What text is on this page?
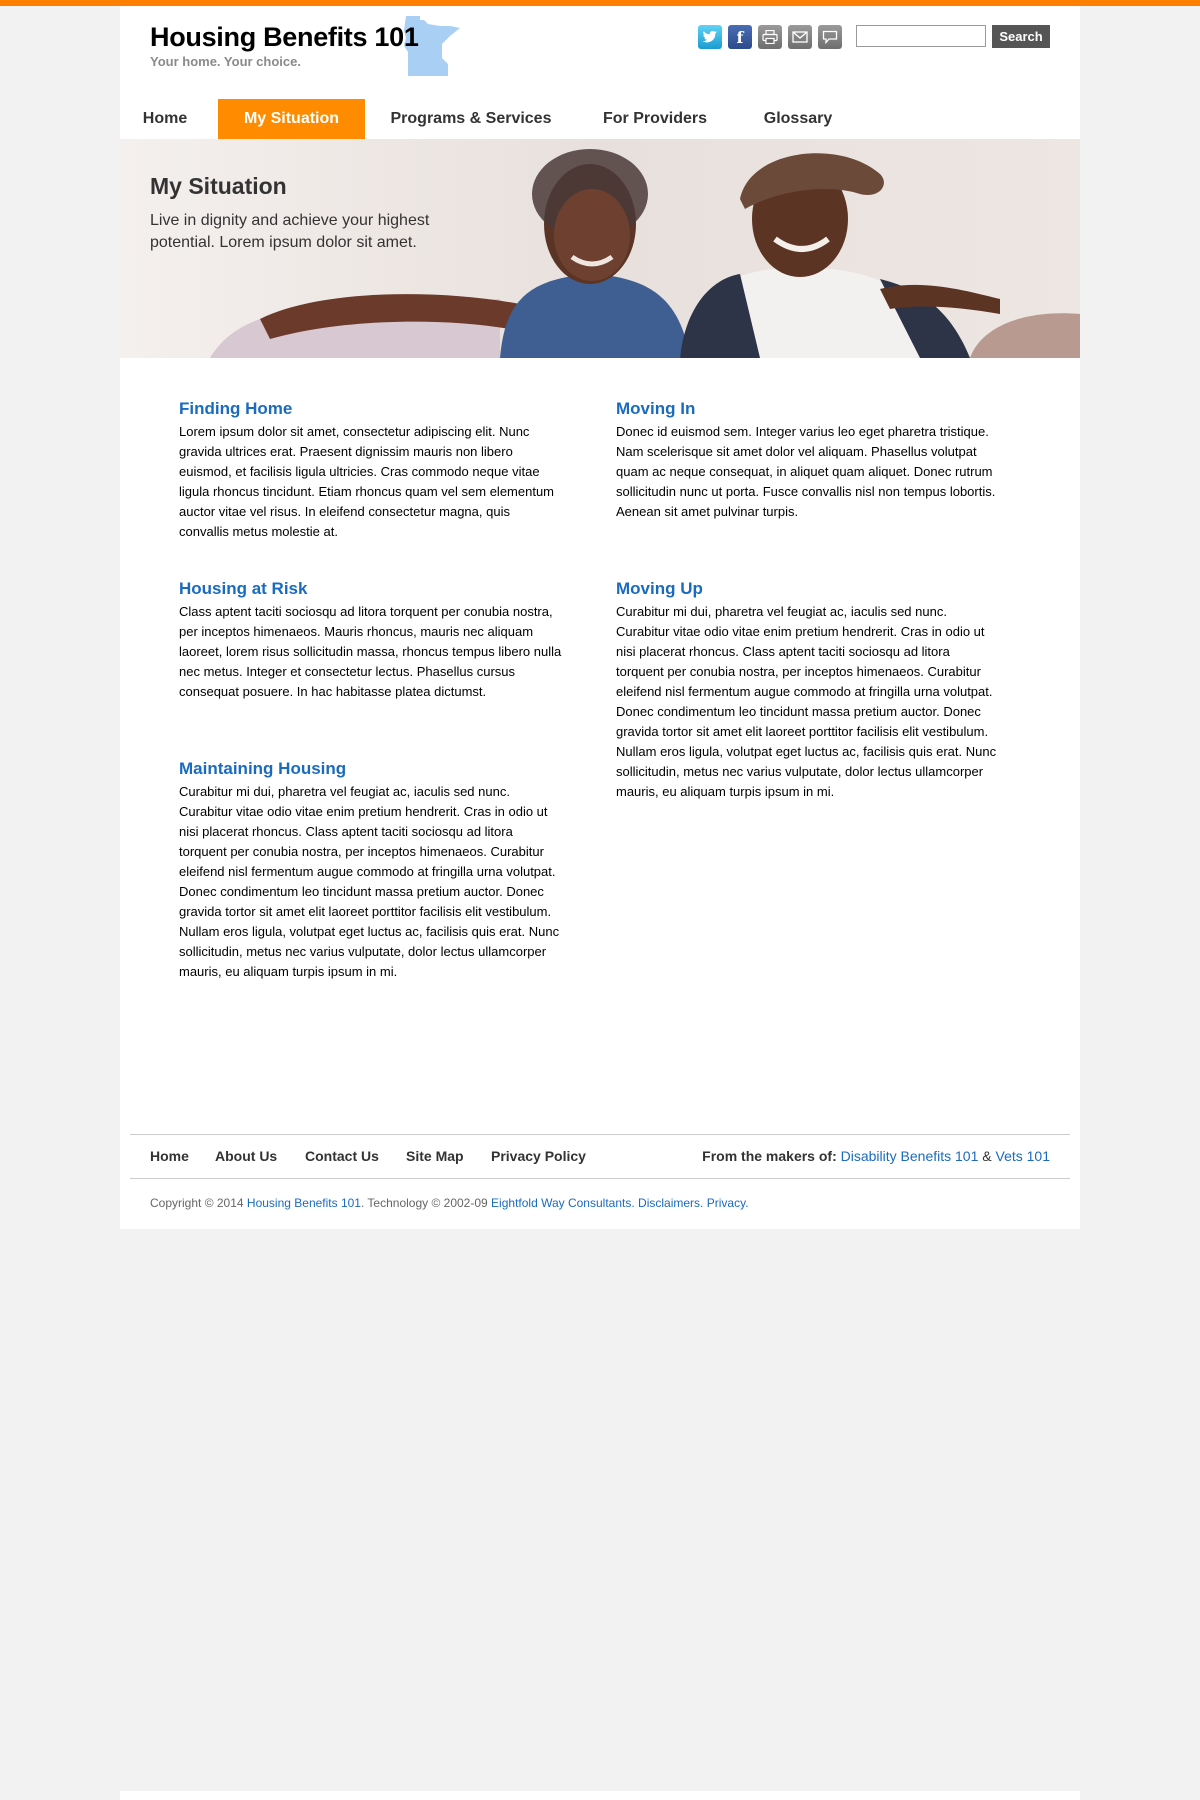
Housing Benefits 101
Your home. Your choice.
f	Search
Home	My Situation	Programs & Services	For Providers	Glossary
My Situation

Live in dignity and achieve your highest potential. Lorem ipsum dolor sit amet.

Finding Home

Lorem ipsum dolor sit amet, consectetur adipiscing elit. Nunc gravida ultrices erat. Praesent dignissim mauris non libero euismod, et facilisis ligula ultricies. Cras commodo neque vitae ligula rhoncus tincidunt. Etiam rhoncus quam vel sem elementum auctor vitae vel risus. In eleifend consectetur magna, quis convallis metus molestie at.

Moving In

Donec id euismod sem. Integer varius leo eget pharetra tristique. Nam scelerisque sit amet dolor vel aliquam. Phasellus volutpat quam ac neque consequat, in aliquet quam aliquet. Donec rutrum sollicitudin nunc ut porta. Fusce convallis nisl non tempus lobortis. Aenean sit amet pulvinar turpis.

Housing at Risk

Class aptent taciti sociosqu ad litora torquent per conubia nostra, per inceptos himenaeos. Mauris rhoncus, mauris nec aliquam laoreet, lorem risus sollicitudin massa, rhoncus tempus libero nulla nec metus. Integer et consectetur lectus. Phasellus cursus consequat posuere. In hac habitasse platea dictumst.

Moving Up

Curabitur mi dui, pharetra vel feugiat ac, iaculis sed nunc. Curabitur vitae odio vitae enim pretium hendrerit. Cras in odio ut nisi placerat rhoncus. Class aptent taciti sociosqu ad litora torquent per conubia nostra, per inceptos himenaeos. Curabitur eleifend nisl fermentum augue commodo at fringilla urna volutpat.

Donec condimentum leo tincidunt massa pretium auctor. Donec gravida tortor sit amet elit laoreet porttitor facilisis elit vestibulum. Nullam eros ligula, volutpat eget luctus ac, facilisis quis erat. Nunc sollicitudin, metus nec varius vulputate, dolor lectus ullamcorper mauris, eu aliquam turpis ipsum in mi.

Maintaining Housing

Curabitur mi dui, pharetra vel feugiat ac, iaculis sed nunc. Curabitur vitae odio vitae enim pretium hendrerit. Cras in odio ut nisi placerat rhoncus. Class aptent taciti sociosqu ad litora torquent per conubia nostra, per inceptos himenaeos. Curabitur eleifend nisl fermentum augue commodo at fringilla urna volutpat.

Donec condimentum leo tincidunt massa pretium auctor. Donec gravida tortor sit amet elit laoreet porttitor facilisis elit vestibulum. Nullam eros ligula, volutpat eget luctus ac, facilisis quis erat. Nunc sollicitudin, metus nec varius vulputate, dolor lectus ullamcorper mauris, eu aliquam turpis ipsum in mi.

Home About Us Contact Us Site Map Privacy Policy	From the makers of: Disability Benefits 101 & Vets 101
Copyright © 2014 Housing Benefits 101. Technology © 2002-09 Eightfold Way Consultants. Disclaimers. Privacy.
